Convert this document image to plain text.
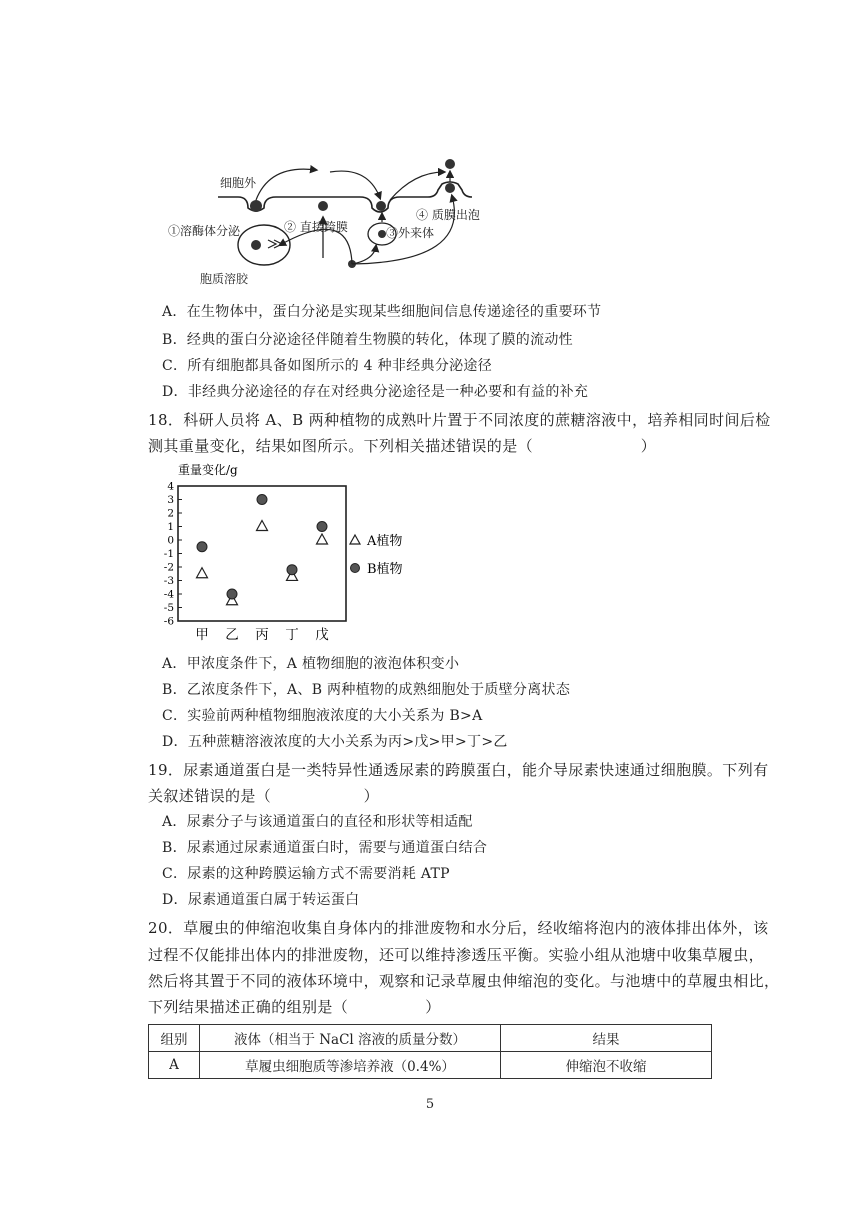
细胞外
胞质溶胶
①溶酶体分泌	② 直接跨膜	③外来体
④ 质膜出泡
A．在生物体中，蛋白分泌是实现某些细胞间信息传递途径的重要环节
B．经典的蛋白分泌途径伴随着生物膜的转化，体现了膜的流动性
C．所有细胞都具备如图所示的 4 种非经典分泌途径
D．非经典分泌途径的存在对经典分泌途径是一种必要和有益的补充
18．科研人员将 A、B 两种植物的成熟叶片置于不同浓度的蔗糖溶液中，培养相同时间后检
测其重量变化，结果如图所示。下列相关描述错误的是（　　　　　　　）
重量变化/g
4
3
2
1
0
-1
-2
-3
-4
-5
-6
甲 乙 丙 丁 戊
A植物
B植物
A．甲浓度条件下，A 植物细胞的液泡体积变小
B．乙浓度条件下，A、B 两种植物的成熟细胞处于质壁分离状态
C．实验前两种植物细胞液浓度的大小关系为 B>A
D．五种蔗糖溶液浓度的大小关系为丙>戊>甲>丁>乙
19．尿素通道蛋白是一类特异性通透尿素的跨膜蛋白，能介导尿素快速通过细胞膜。下列有
关叙述错误的是（　　　　　　）
A．尿素分子与该通道蛋白的直径和形状等相适配
B．尿素通过尿素通道蛋白时，需要与通道蛋白结合
C．尿素的这种跨膜运输方式不需要消耗 ATP
D．尿素通道蛋白属于转运蛋白
20．草履虫的伸缩泡收集自身体内的排泄废物和水分后，经收缩将泡内的液体排出体外，该
过程不仅能排出体内的排泄废物，还可以维持渗透压平衡。实验小组从池塘中收集草履虫，
然后将其置于不同的液体环境中，观察和记录草履虫伸缩泡的变化。与池塘中的草履虫相比，
下列结果描述正确的组别是（　　　　　）
组别	液体（相当于 NaCl 溶液的质量分数）	结果
A	草履虫细胞质等渗培养液（0.4%）	伸缩泡不收缩
5
